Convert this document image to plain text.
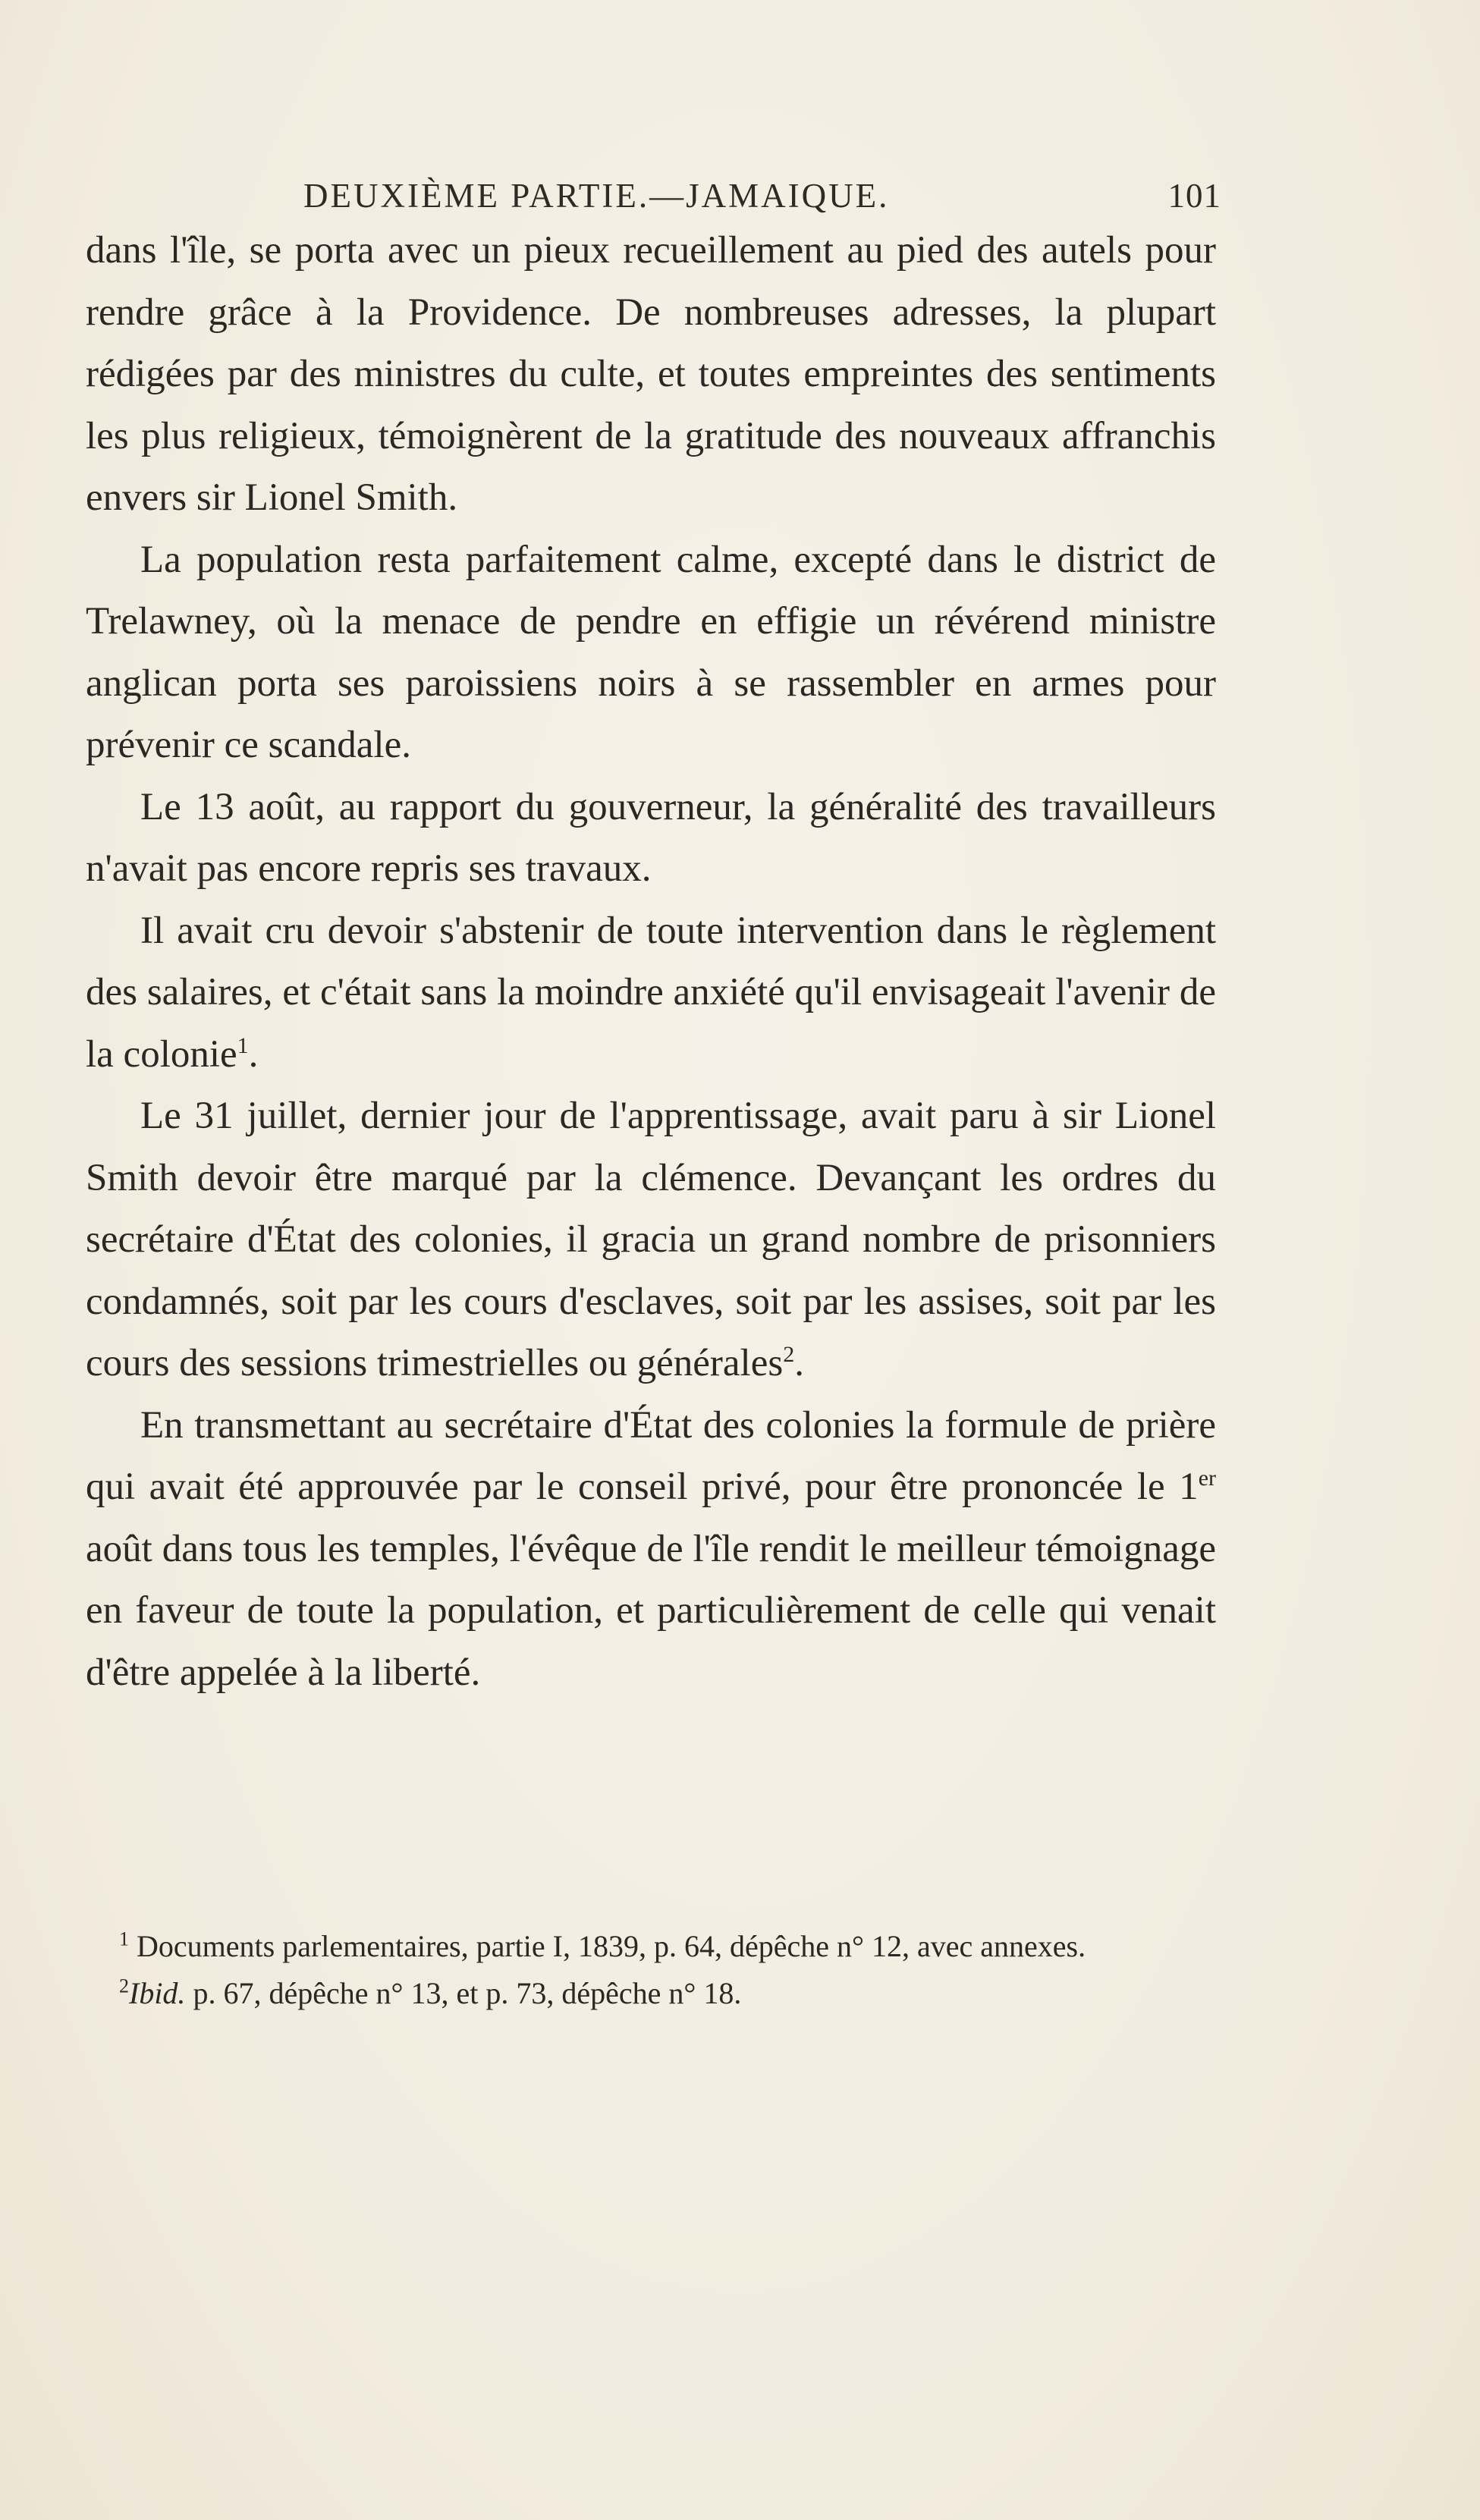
DEUXIÈME PARTIE.—JAMAIQUE.	101

dans l'île, se porta avec un pieux recueillement au pied des autels pour rendre grâce à la Providence. De nombreuses adresses, la plupart rédigées par des ministres du culte, et toutes empreintes des sentiments les plus religieux, témoignèrent de la gratitude des nouveaux affranchis envers sir Lionel Smith.

La population resta parfaitement calme, excepté dans le district de Trelawney, où la menace de pendre en effigie un révérend ministre anglican porta ses paroissiens noirs à se rassembler en armes pour prévenir ce scandale.

Le 13 août, au rapport du gouverneur, la généralité des travailleurs n'avait pas encore repris ses travaux.

Il avait cru devoir s'abstenir de toute intervention dans le règlement des salaires, et c'était sans la moindre anxiété qu'il envisageait l'avenir de la colonie$^1$.

Le 31 juillet, dernier jour de l'apprentissage, avait paru à sir Lionel Smith devoir être marqué par la clémence. Devançant les ordres du secrétaire d'État des colonies, il gracia un grand nombre de prisonniers condamnés, soit par les cours d'esclaves, soit par les assises, soit par les cours des sessions trimestrielles ou générales$^2$.

En transmettant au secrétaire d'État des colonies la formule de prière qui avait été approuvée par le conseil privé, pour être prononcée le 1er août dans tous les temples, l'évêque de l'île rendit le meilleur témoignage en faveur de toute la population, et particulièrement de celle qui venait d'être appelée à la liberté.

$^1$ Documents parlementaires, partie I, 1839, p. 64, dépêche n° 12, avec annexes.

$^2$Ibid. p. 67, dépêche n° 13, et p. 73, dépêche n° 18.
